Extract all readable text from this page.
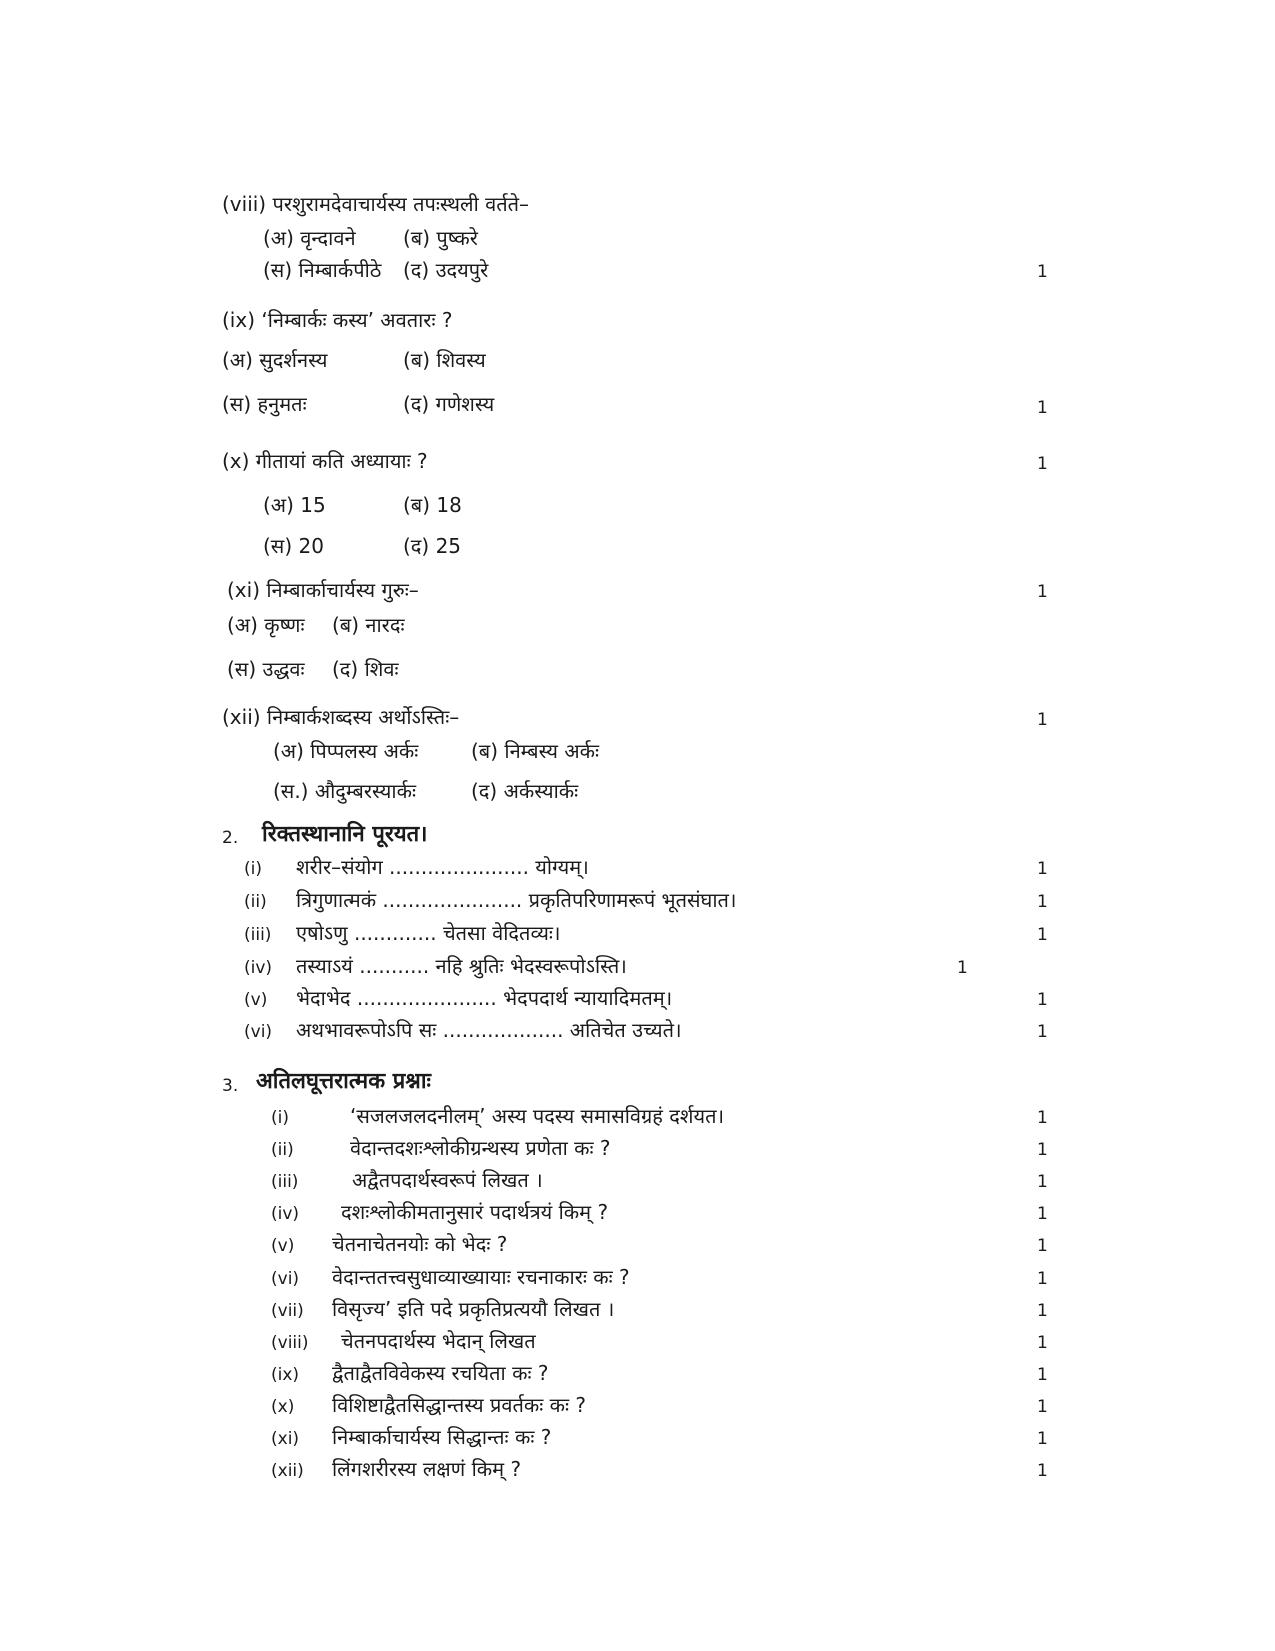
(viii) परशुरामदेवाचार्यस्य तपःस्थली वर्तते–
(अ) वृन्दावने (ब) पुष्करे
(स) निम्बार्कपीठे (द) उदयपुरे	1
(ix) ‘निम्बार्कः कस्य’ अवतारः ?
(अ) सुदर्शनस्य	(ब) शिवस्य
(स) हनुमतः	(द) गणेशस्य	1
(x) गीतायां कति अध्यायाः ?	1
(अ) 15	(ब) 18
(स) 20	(द) 25
(xi) निम्बार्काचार्यस्य गुरुः–	1
(अ) कृष्णः (ब) नारदः
(स) उद्धवः (द) शिवः
(xii) निम्बार्कशब्दस्य अर्थोऽस्तिः–	1
(अ) पिप्पलस्य अर्कः	(ब) निम्बस्य अर्कः
(स.) औदुम्बरस्यार्कः	(द) अर्कस्यार्कः
2. रिक्तस्थानानि पूरयत।
(i) शरीर–संयोग ...................... योग्यम्।	1
(ii) त्रिगुणात्मकं ...................... प्रकृतिपरिणामरूपं भूतसंघात।	1
(iii) एषोऽणु ............. चेतसा वेदितव्यः।	1
(iv) तस्याऽयं ........... नहि श्रुतिः भेदस्वरूपोऽस्ति।	1
(v) भेदाभेद ...................... भेदपदार्थ न्यायादिमतम्।	1
(vi) अथभावरूपोऽपि सः ................... अतिचेत उच्यते।	1
3. अतिलघूत्तरात्मक प्रश्नाः
(i)	‘सजलजलदनीलम्’ अस्य पदस्य समासविग्रहं दर्शयत।	1
(ii)	वेदान्तदशःश्लोकीग्रन्थस्य प्रणेता कः ?	1
(iii)	अद्वैतपदार्थस्वरूपं लिखत ।	1
(iv) दशःश्लोकीमतानुसारं पदार्थत्रयं किम् ?	1
(v) चेतनाचेतनयोः को भेदः ?	1
(vi) वेदान्ततत्त्वसुधाव्याख्यायाः रचनाकारः कः ?	1
(vii) विसृज्य’ इति पदे प्रकृतिप्रत्ययौ लिखत ।	1
(viii) चेतनपदार्थस्य भेदान् लिखत	1
(ix) द्वैताद्वैतविवेकस्य रचयिता कः ?	1
(x) विशिष्टाद्वैतसिद्धान्तस्य प्रवर्तकः कः ?	1
(xi) निम्बार्काचार्यस्य सिद्धान्तः कः ?	1
(xii) लिंगशरीरस्य लक्षणं किम् ?	1
